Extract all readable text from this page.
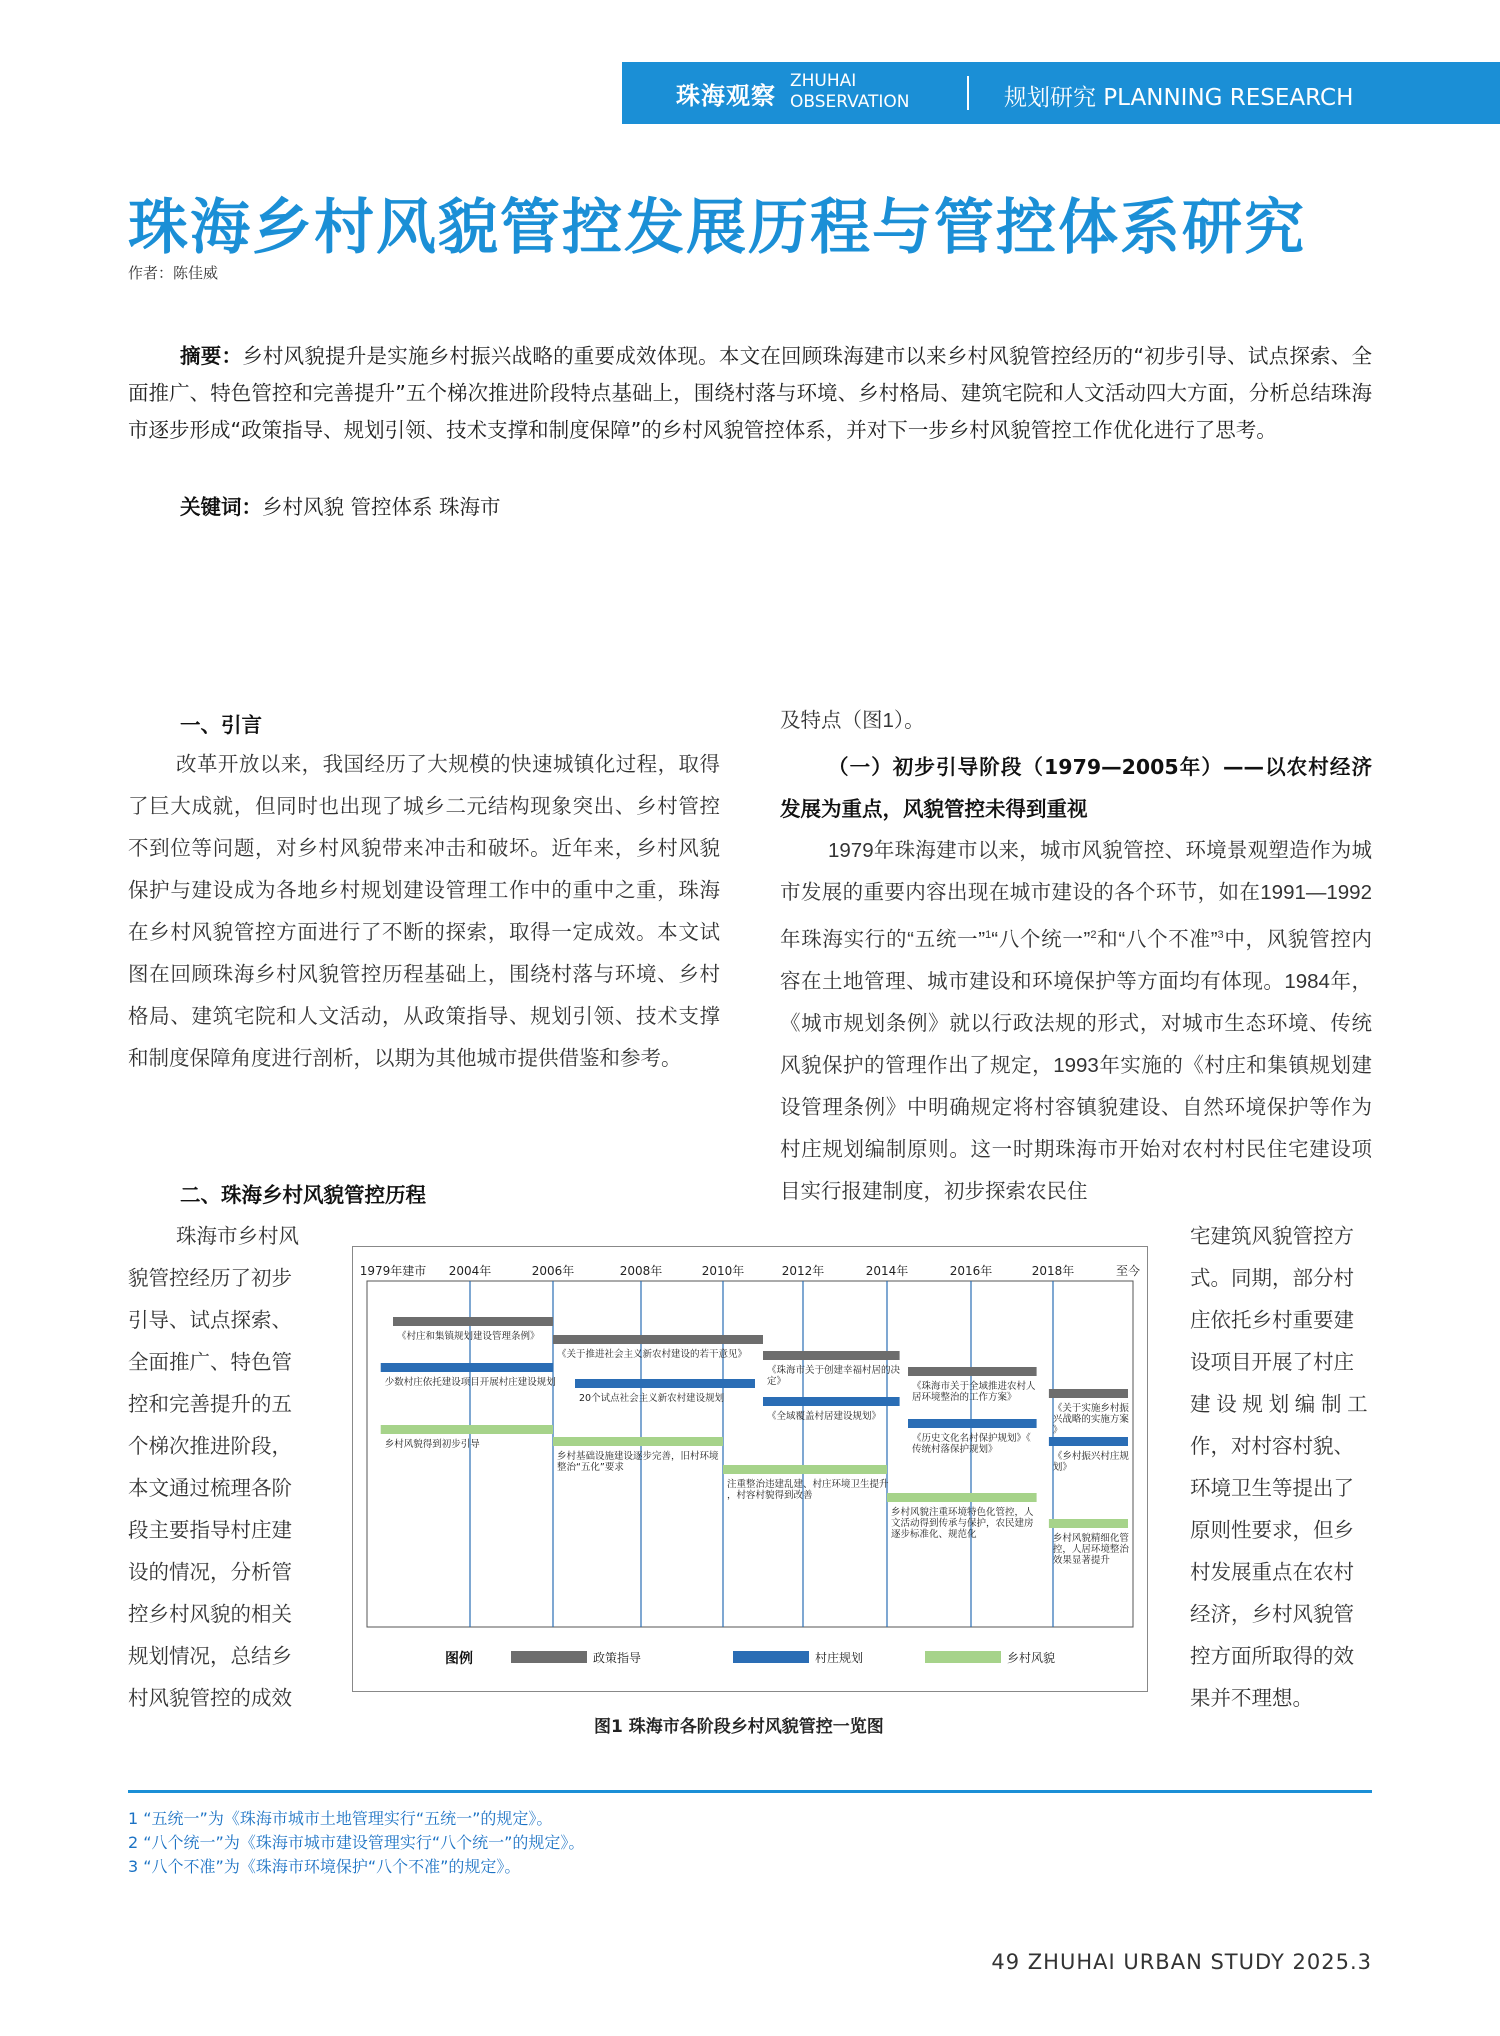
珠海观察
ZHUHAI
OBSERVATION	规划研究 PLANNING RESEARCH
珠海乡村风貌管控发展历程与管控体系研究
作者：陈佳威
摘要：乡村风貌提升是实施乡村振兴战略的重要成效体现。本文在回顾珠海建市以来乡村风貌管控经历的“初步引导、试点探索、全面推广、特色管控和完善提升”五个梯次推进阶段特点基础上，围绕村落与环境、乡村格局、建筑宅院和人文活动四大方面，分析总结珠海市逐步形成“政策指导、规划引领、技术支撑和制度保障”的乡村风貌管控体系，并对下一步乡村风貌管控工作优化进行了思考。
关键词：乡村风貌 管控体系 珠海市
一、引言
改革开放以来，我国经历了大规模的快速城镇化过程，取得了巨大成就，但同时也出现了城乡二元结构现象突出、乡村管控不到位等问题，对乡村风貌带来冲击和破坏。近年来，乡村风貌保护与建设成为各地乡村规划建设管理工作中的重中之重，珠海在乡村风貌管控方面进行了不断的探索，取得一定成效。本文试图在回顾珠海乡村风貌管控历程基础上，围绕村落与环境、乡村格局、建筑宅院和人文活动，从政策指导、规划引领、技术支撑和制度保障角度进行剖析，以期为其他城市提供借鉴和参考。
二、珠海乡村风貌管控历程
珠海市乡村风
貌管控经历了初步
引导、试点探索、
全面推广、特色管
控和完善提升的五
个梯次推进阶段，
本文通过梳理各阶
段主要指导村庄建
设的情况，分析管
控乡村风貌的相关
规划情况，总结乡
村风貌管控的成效
及特点（图1）。
（一）初步引导阶段（1979—2005年）——以农村经济发展为重点，风貌管控未得到重视
1979年珠海建市以来，城市风貌管控、环境景观塑造作为城市发展的重要内容出现在城市建设的各个环节，如在1991—1992年珠海实行的“五统一”$^1$“八个统一”$^2$和“八个不准”$^3$中，风貌管控内容在土地管理、城市建设和环境保护等方面均有体现。1984年，《城市规划条例》就以行政法规的形式，对城市生态环境、传统风貌保护的管理作出了规定，1993年实施的《村庄和集镇规划建设管理条例》中明确规定将村容镇貌建设、自然环境保护等作为村庄规划编制原则。这一时期珠海市开始对农村村民住宅建设项目实行报建制度，初步探索农民住
宅建筑风貌管控方
式。同期，部分村
庄依托乡村重要建
设项目开展了村庄
建 设 规 划 编 制 工
作，对村容村貌、
环境卫生等提出了
原则性要求，但乡
村发展重点在农村
经济，乡村风貌管
控方面所取得的效
果并不理想。
1979年建市 2004年	2006年	2008年	2010年	2012年	2014年	2016年	2018年	至今
《村庄和集镇规划建设管理条例》
《关于推进社会主义新农村建设的若干意见》
《珠海市关于创建幸福村居的决
定》	《珠海市关于全域推进农村人
居环境整治的工作方案》
《关于实施乡村振
兴战略的实施方案
》
少数村庄依托建设项目开展村庄建设规划
20个试点社会主义新农村建设规划
《全域覆盖村居建设规划》
《历史文化名村保护规划》《
传统村落保护规划》
《乡村振兴村庄规
划》
乡村风貌得到初步引导
乡村基础设施建设逐步完善，旧村环境
整治“五化”要求
注重整治违建乱建、村庄环境卫生提升
，村容村貌得到改善
乡村风貌注重环境特色化管控，人
文活动得到传承与保护，农民建房
逐步标准化、规范化	乡村风貌精细化管
控，人居环境整治
效果显著提升
图例	政策指导	村庄规划	乡村风貌
图1 珠海市各阶段乡村风貌管控一览图
1 “五统一”为《珠海市城市土地管理实行“五统一”的规定》。
2 “八个统一”为《珠海市城市建设管理实行“八个统一”的规定》。
3 “八个不准”为《珠海市环境保护“八个不准”的规定》。
49 ZHUHAI URBAN STUDY 2025.3
